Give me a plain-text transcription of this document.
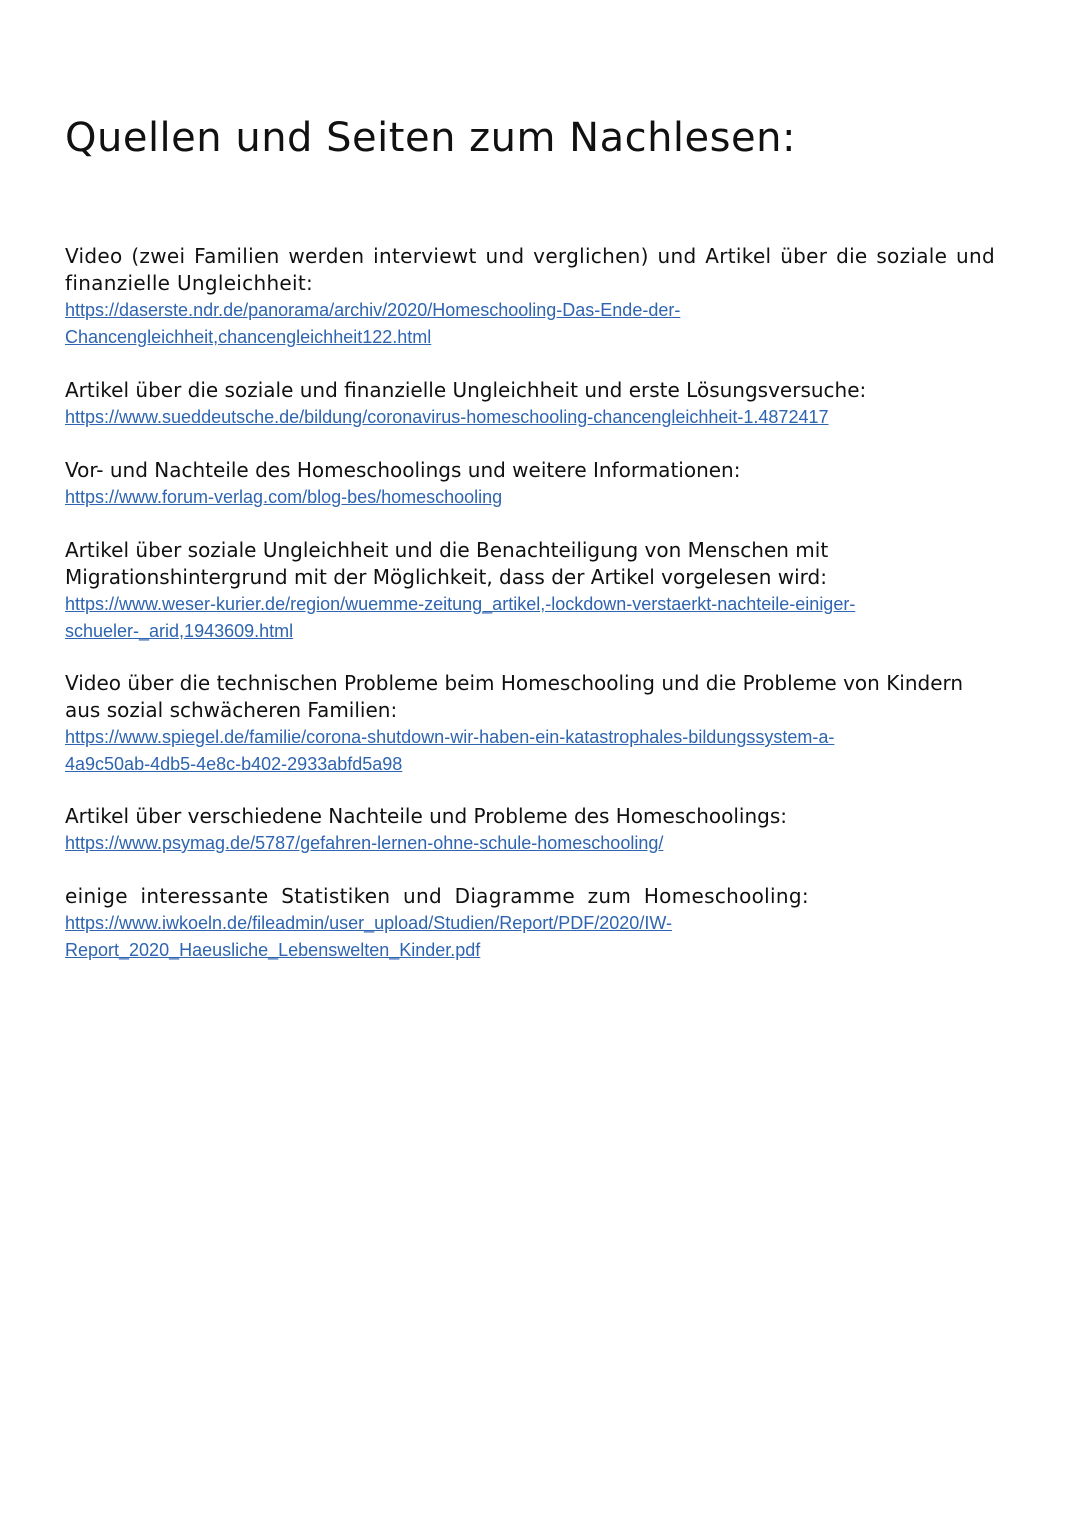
Quellen und Seiten zum Nachlesen:

Video (zwei Familien werden interviewt und verglichen) und Artikel über die soziale und finanzielle Ungleichheit:

https://daserste.ndr.de/panorama/archiv/2020/Homeschooling-Das-Ende-der-
Chancengleichheit,chancengleichheit122.html

Artikel über die soziale und finanzielle Ungleichheit und erste Lösungsversuche:

https://www.sueddeutsche.de/bildung/coronavirus-homeschooling-chancengleichheit-1.4872417

Vor- und Nachteile des Homeschoolings und weitere Informationen:

https://www.forum-verlag.com/blog-bes/homeschooling

Artikel über soziale Ungleichheit und die Benachteiligung von Menschen mit Migrationshintergrund mit der Möglichkeit, dass der Artikel vorgelesen wird:

https://www.weser-kurier.de/region/wuemme-zeitung_artikel,-lockdown-verstaerkt-nachteile-einiger-
schueler-_arid,1943609.html

Video über die technischen Probleme beim Homeschooling und die Probleme von Kindern aus sozial schwächeren Familien:

https://www.spiegel.de/familie/corona-shutdown-wir-haben-ein-katastrophales-bildungssystem-a-
4a9c50ab-4db5-4e8c-b402-2933abfd5a98

Artikel über verschiedene Nachteile und Probleme des Homeschoolings:

https://www.psymag.de/5787/gefahren-lernen-ohne-schule-homeschooling/

einige interessante Statistiken und Diagramme zum Homeschooling:

https://www.iwkoeln.de/fileadmin/user_upload/Studien/Report/PDF/2020/IW-
Report_2020_Haeusliche_Lebenswelten_Kinder.pdf
